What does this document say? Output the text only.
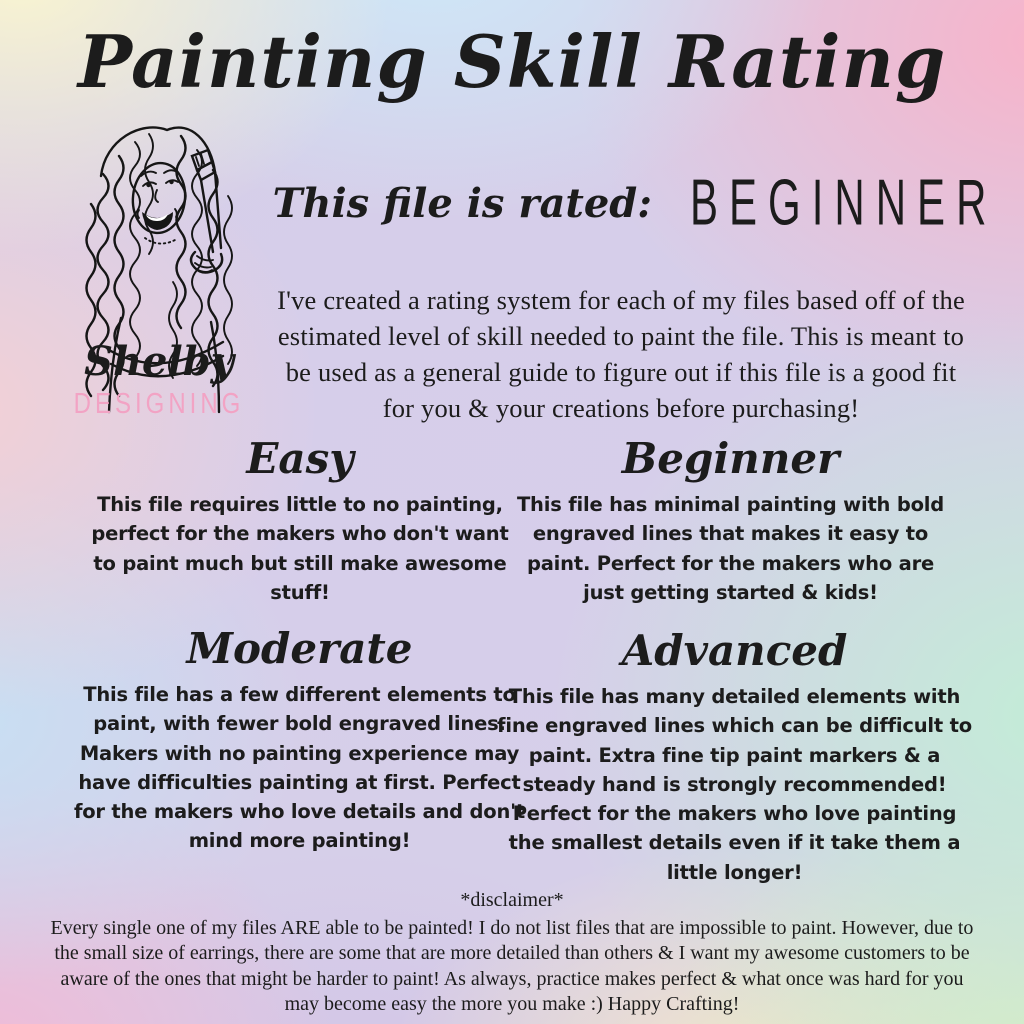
Painting Skill Rating
Shelby
DESIGNING
This file is rated: BEGINNER

I've created a rating system for each of my files based off of the estimated level of skill needed to paint the file. This is meant to be used as a general guide to figure out if this file is a good fit for you & your creations before purchasing!

Easy

This file requires little to no painting, perfect for the makers who don't want to paint much but still make awesome stuff!

Beginner

This file has minimal painting with bold engraved lines that makes it easy to paint. Perfect for the makers who are just getting started & kids!

Moderate

This file has a few different elements to paint, with fewer bold engraved lines. Makers with no painting experience may have difficulties painting at first. Perfect for the makers who love details and don't mind more painting!

Advanced

This file has many detailed elements with fine engraved lines which can be difficult to paint. Extra fine tip paint markers & a steady hand is strongly recommended! Perfect for the makers who love painting the smallest details even if it take them a little longer!

*disclaimer*
Every single one of my files ARE able to be painted! I do not list files that are impossible to paint. However, due to the small size of earrings, there are some that are more detailed than others & I want my awesome customers to be aware of the ones that might be harder to paint! As always, practice makes perfect & what once was hard for you may become easy the more you make :) Happy Crafting!
